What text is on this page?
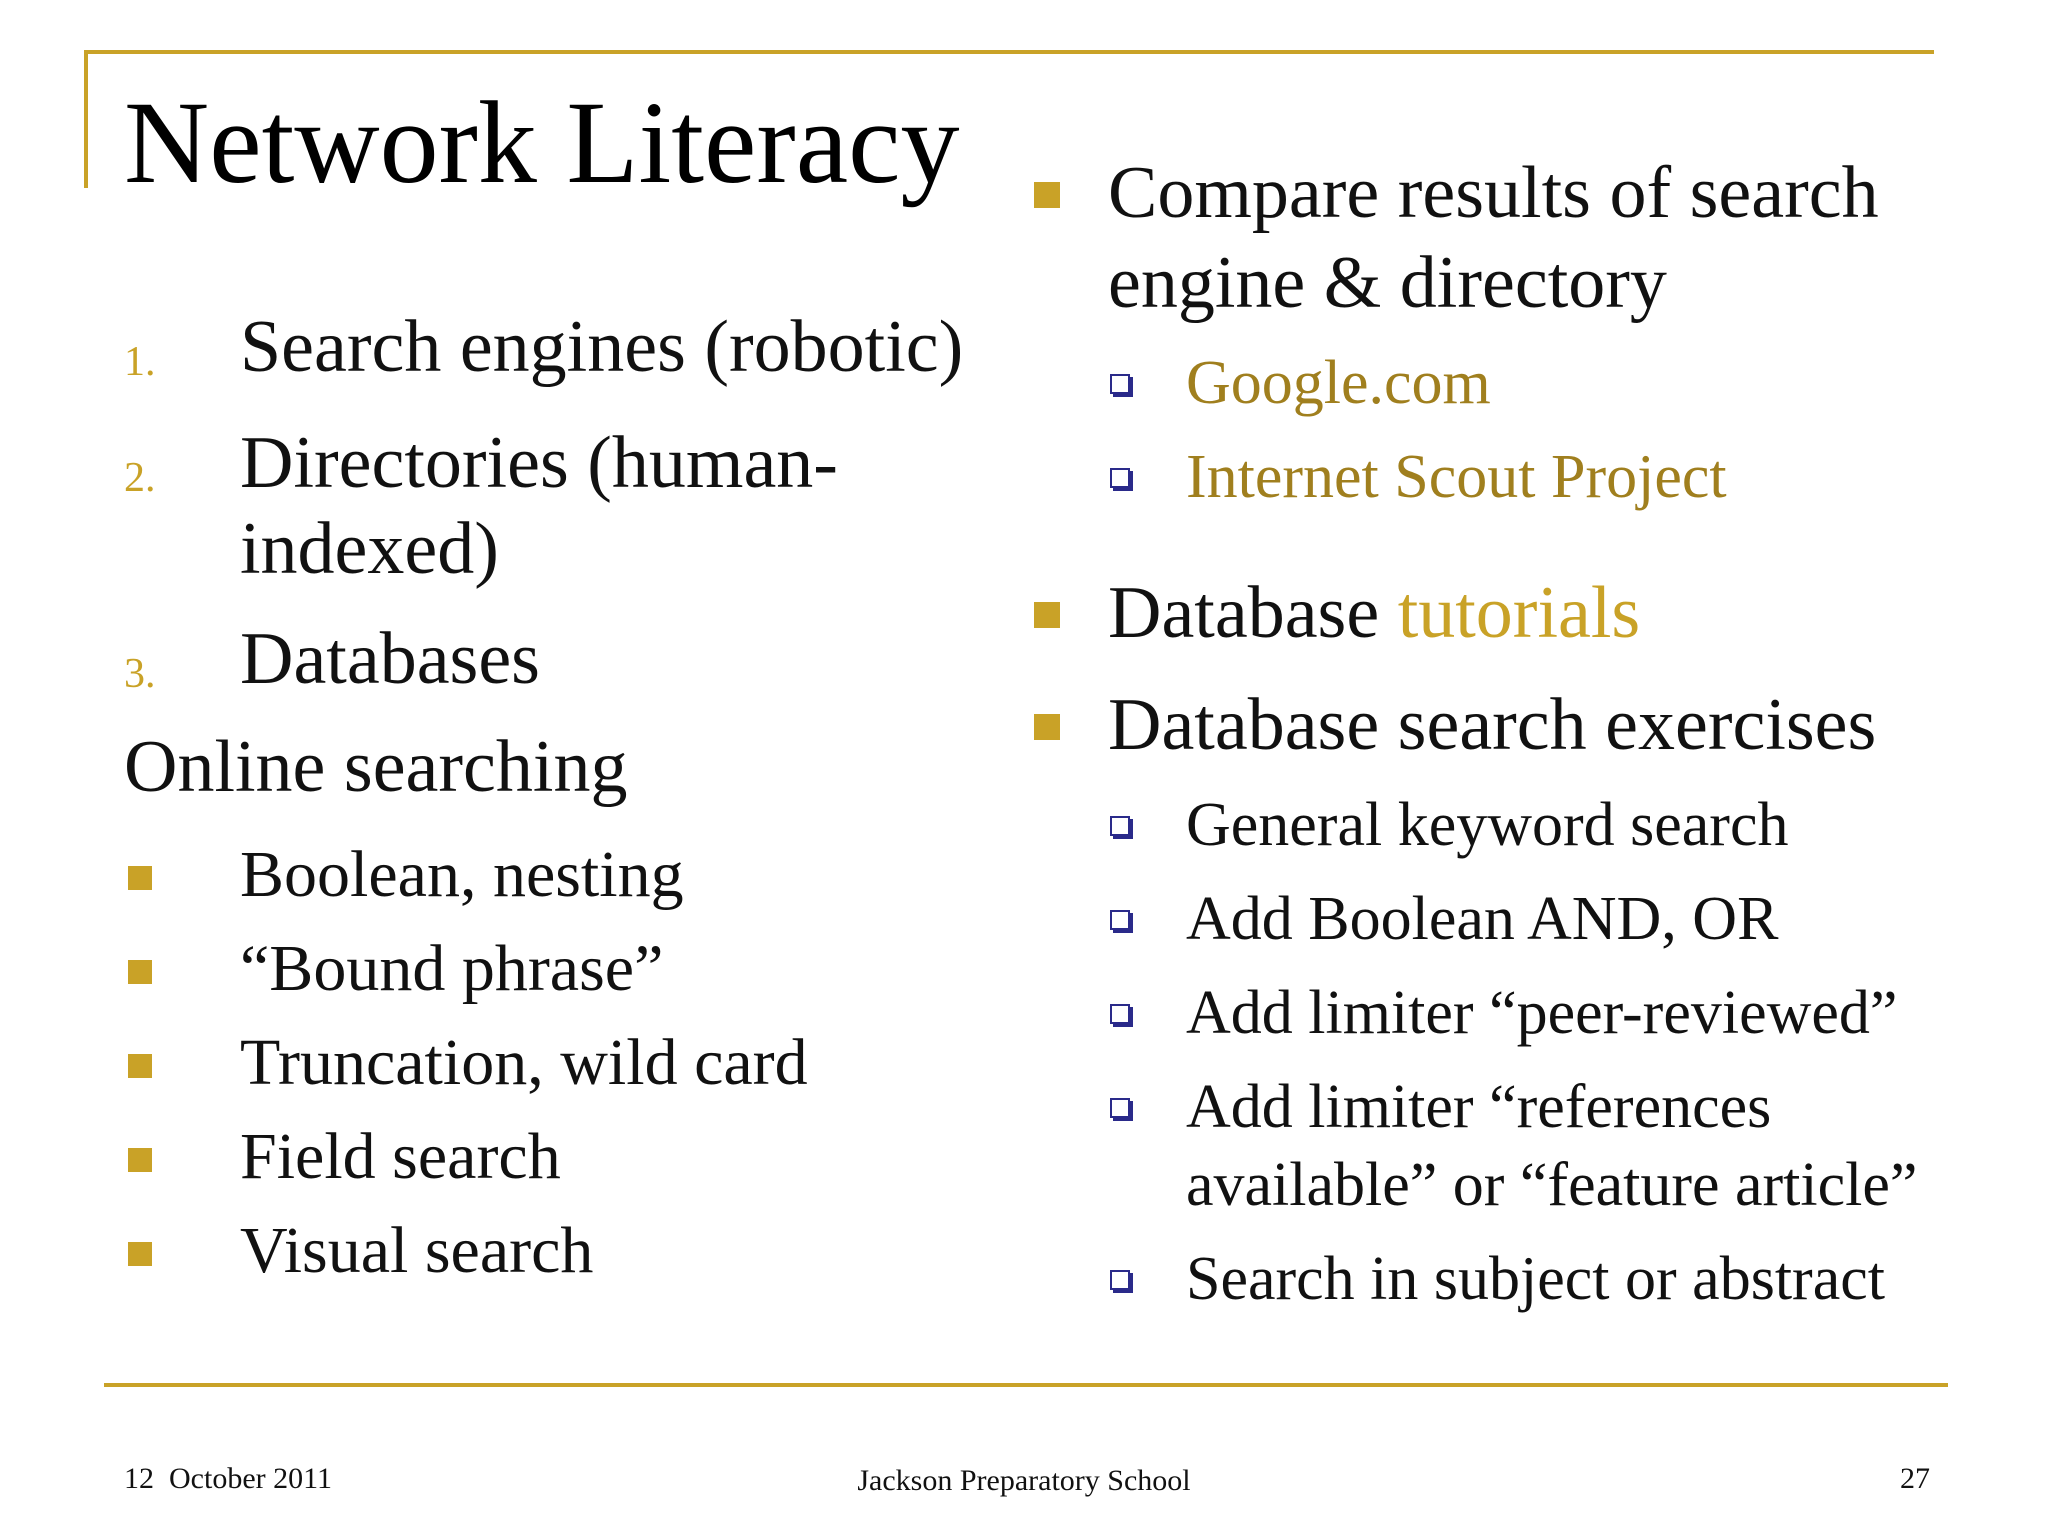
Network Literacy
1. Search engines (robotic)
2. Directories (human-
indexed)
3. Databases
Online searching
Boolean, nesting
“Bound phrase”
Truncation, wild card
Field search
Visual search
Compare results of search
engine & directory
Google.com
Internet Scout Project
Database tutorials
Database search exercises
General keyword search
Add Boolean AND, OR
Add limiter “peer-reviewed”
Add limiter “references
available” or “feature article”
Search in subject or abstract
12  October 2011	Jackson Preparatory School	27
